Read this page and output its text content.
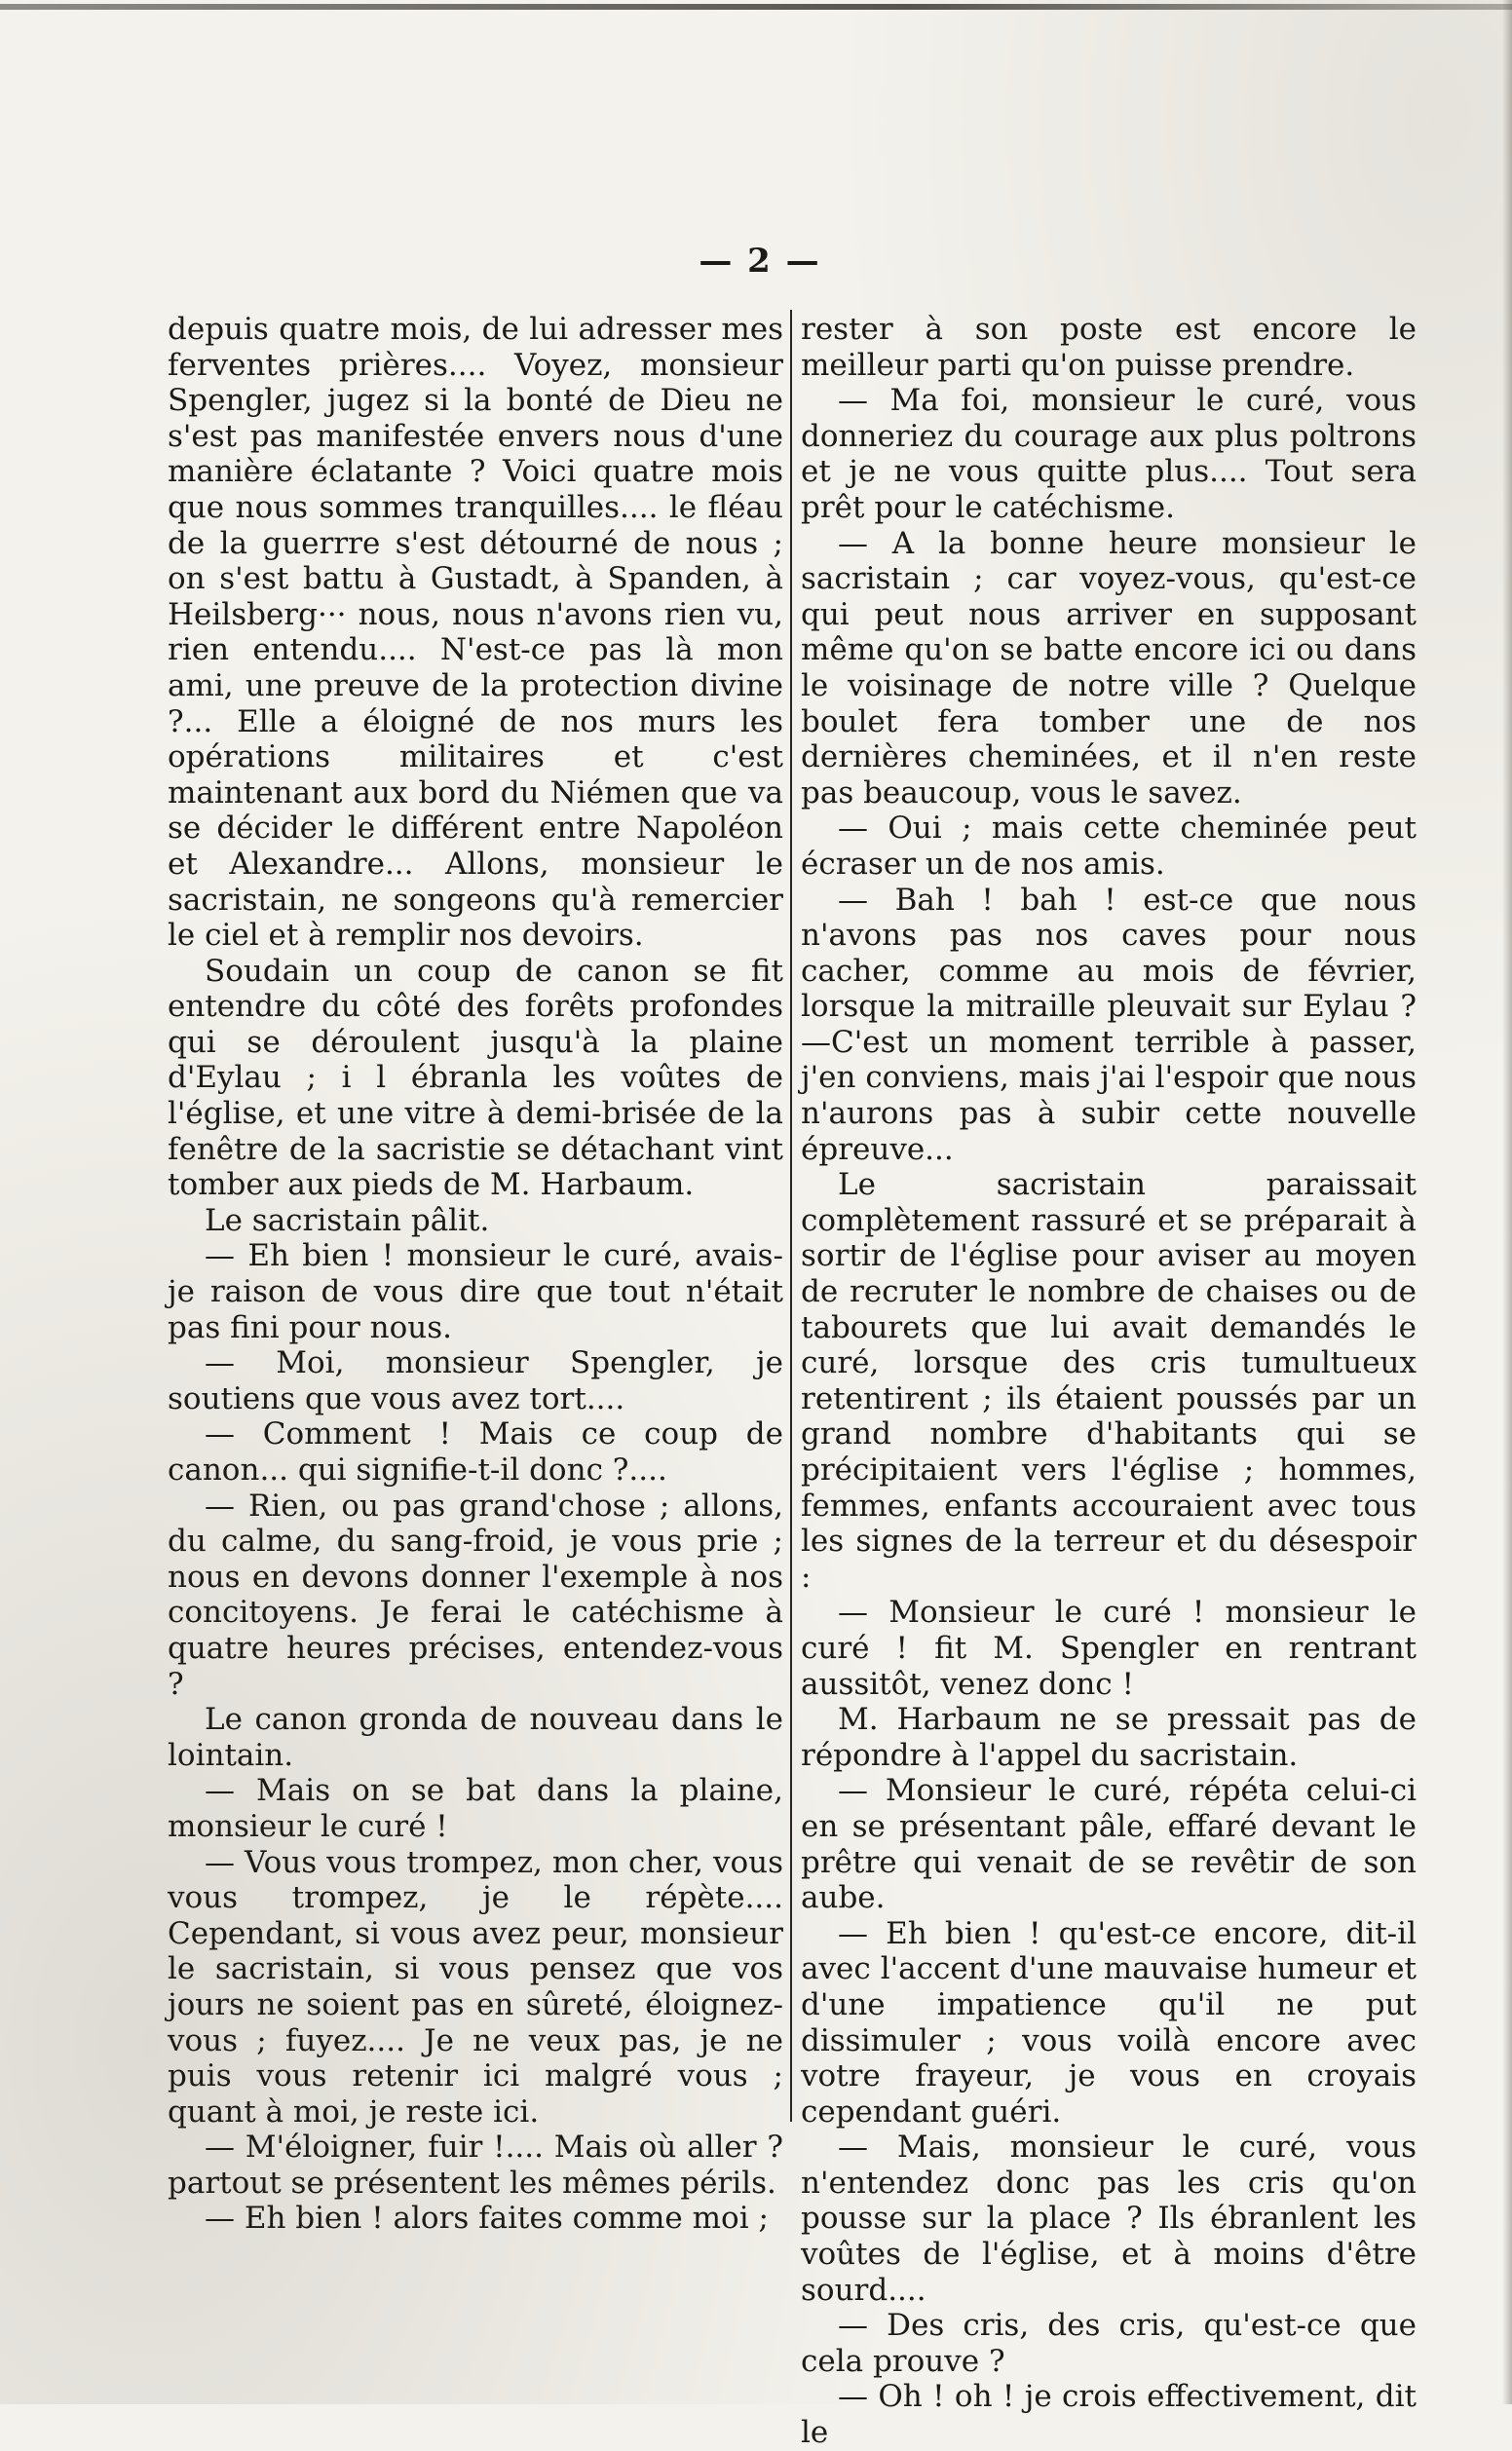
— 2 —

depuis quatre mois, de lui adresser mes ferventes prières.... Voyez, monsieur Spengler, jugez si la bonté de Dieu ne s'est pas manifestée envers nous d'une manière éclatante ? Voici quatre mois que nous sommes tranquilles.... le fléau de la guerrre s'est détourné de nous ; on s'est battu à Gustadt, à Spanden, à Heilsberg··· nous, nous n'avons rien vu, rien entendu.... N'est-ce pas là mon ami, une preuve de la protection divine ?... Elle a éloigné de nos murs les opérations militaires et c'est maintenant aux bord du Niémen que va se décider le différent entre Napoléon et Alexandre... Allons, monsieur le sacristain, ne songeons qu'à remercier le ciel et à remplir nos devoirs.

Soudain un coup de canon se fit entendre du côté des forêts profondes qui se déroulent jusqu'à la plaine d'Eylau ; i l ébranla les voûtes de l'église, et une vitre à demi-brisée de la fenêtre de la sacristie se détachant vint tomber aux pieds de M. Harbaum.

Le sacristain pâlit.

— Eh bien ! monsieur le curé, avais-je raison de vous dire que tout n'était pas fini pour nous.

— Moi, monsieur Spengler, je soutiens que vous avez tort....

— Comment ! Mais ce coup de canon... qui signifie-t-il donc ?....

— Rien, ou pas grand'chose ; allons, du calme, du sang-froid, je vous prie ; nous en devons donner l'exemple à nos concitoyens. Je ferai le catéchisme à quatre heures précises, entendez-vous ?

Le canon gronda de nouveau dans le lointain.

— Mais on se bat dans la plaine, monsieur le curé !

— Vous vous trompez, mon cher, vous vous trompez, je le répète.... Cependant, si vous avez peur, monsieur le sacristain, si vous pensez que vos jours ne soient pas en sûreté, éloignez-vous ; fuyez.... Je ne veux pas, je ne puis vous retenir ici malgré vous ; quant à moi, je reste ici.

— M'éloigner, fuir !.... Mais où aller ? partout se présentent les mêmes périls.

— Eh bien ! alors faites comme moi ;

rester à son poste est encore le meilleur parti qu'on puisse prendre.

— Ma foi, monsieur le curé, vous donneriez du courage aux plus poltrons et je ne vous quitte plus.... Tout sera prêt pour le catéchisme.

— A la bonne heure monsieur le sacristain ; car voyez-vous, qu'est-ce qui peut nous arriver en supposant même qu'on se batte encore ici ou dans le voisinage de notre ville ? Quelque boulet fera tomber une de nos dernières cheminées, et il n'en reste pas beaucoup, vous le savez.

— Oui ; mais cette cheminée peut écraser un de nos amis.

— Bah ! bah ! est-ce que nous n'avons pas nos caves pour nous cacher, comme au mois de février, lorsque la mitraille pleuvait sur Eylau ?—C'est un moment terrible à passer, j'en conviens, mais j'ai l'espoir que nous n'aurons pas à subir cette nouvelle épreuve...

Le sacristain paraissait complètement rassuré et se préparait à sortir de l'église pour aviser au moyen de recruter le nombre de chaises ou de tabourets que lui avait demandés le curé, lorsque des cris tumultueux retentirent ; ils étaient poussés par un grand nombre d'habitants qui se précipitaient vers l'église ; hommes, femmes, enfants accouraient avec tous les signes de la terreur et du désespoir :

— Monsieur le curé ! monsieur le curé ! fit M. Spengler en rentrant aussitôt, venez donc !

M. Harbaum ne se pressait pas de répondre à l'appel du sacristain.

— Monsieur le curé, répéta celui-ci en se présentant pâle, effaré devant le prêtre qui venait de se revêtir de son aube.

— Eh bien ! qu'est-ce encore, dit-il avec l'accent d'une mauvaise humeur et d'une impatience qu'il ne put dissimuler ; vous voilà encore avec votre frayeur, je vous en croyais cependant guéri.

— Mais, monsieur le curé, vous n'entendez donc pas les cris qu'on pousse sur la place ? Ils ébranlent les voûtes de l'église, et à moins d'être sourd....

— Des cris, des cris, qu'est-ce que cela prouve ?

— Oh ! oh ! je crois effectivement, dit le
